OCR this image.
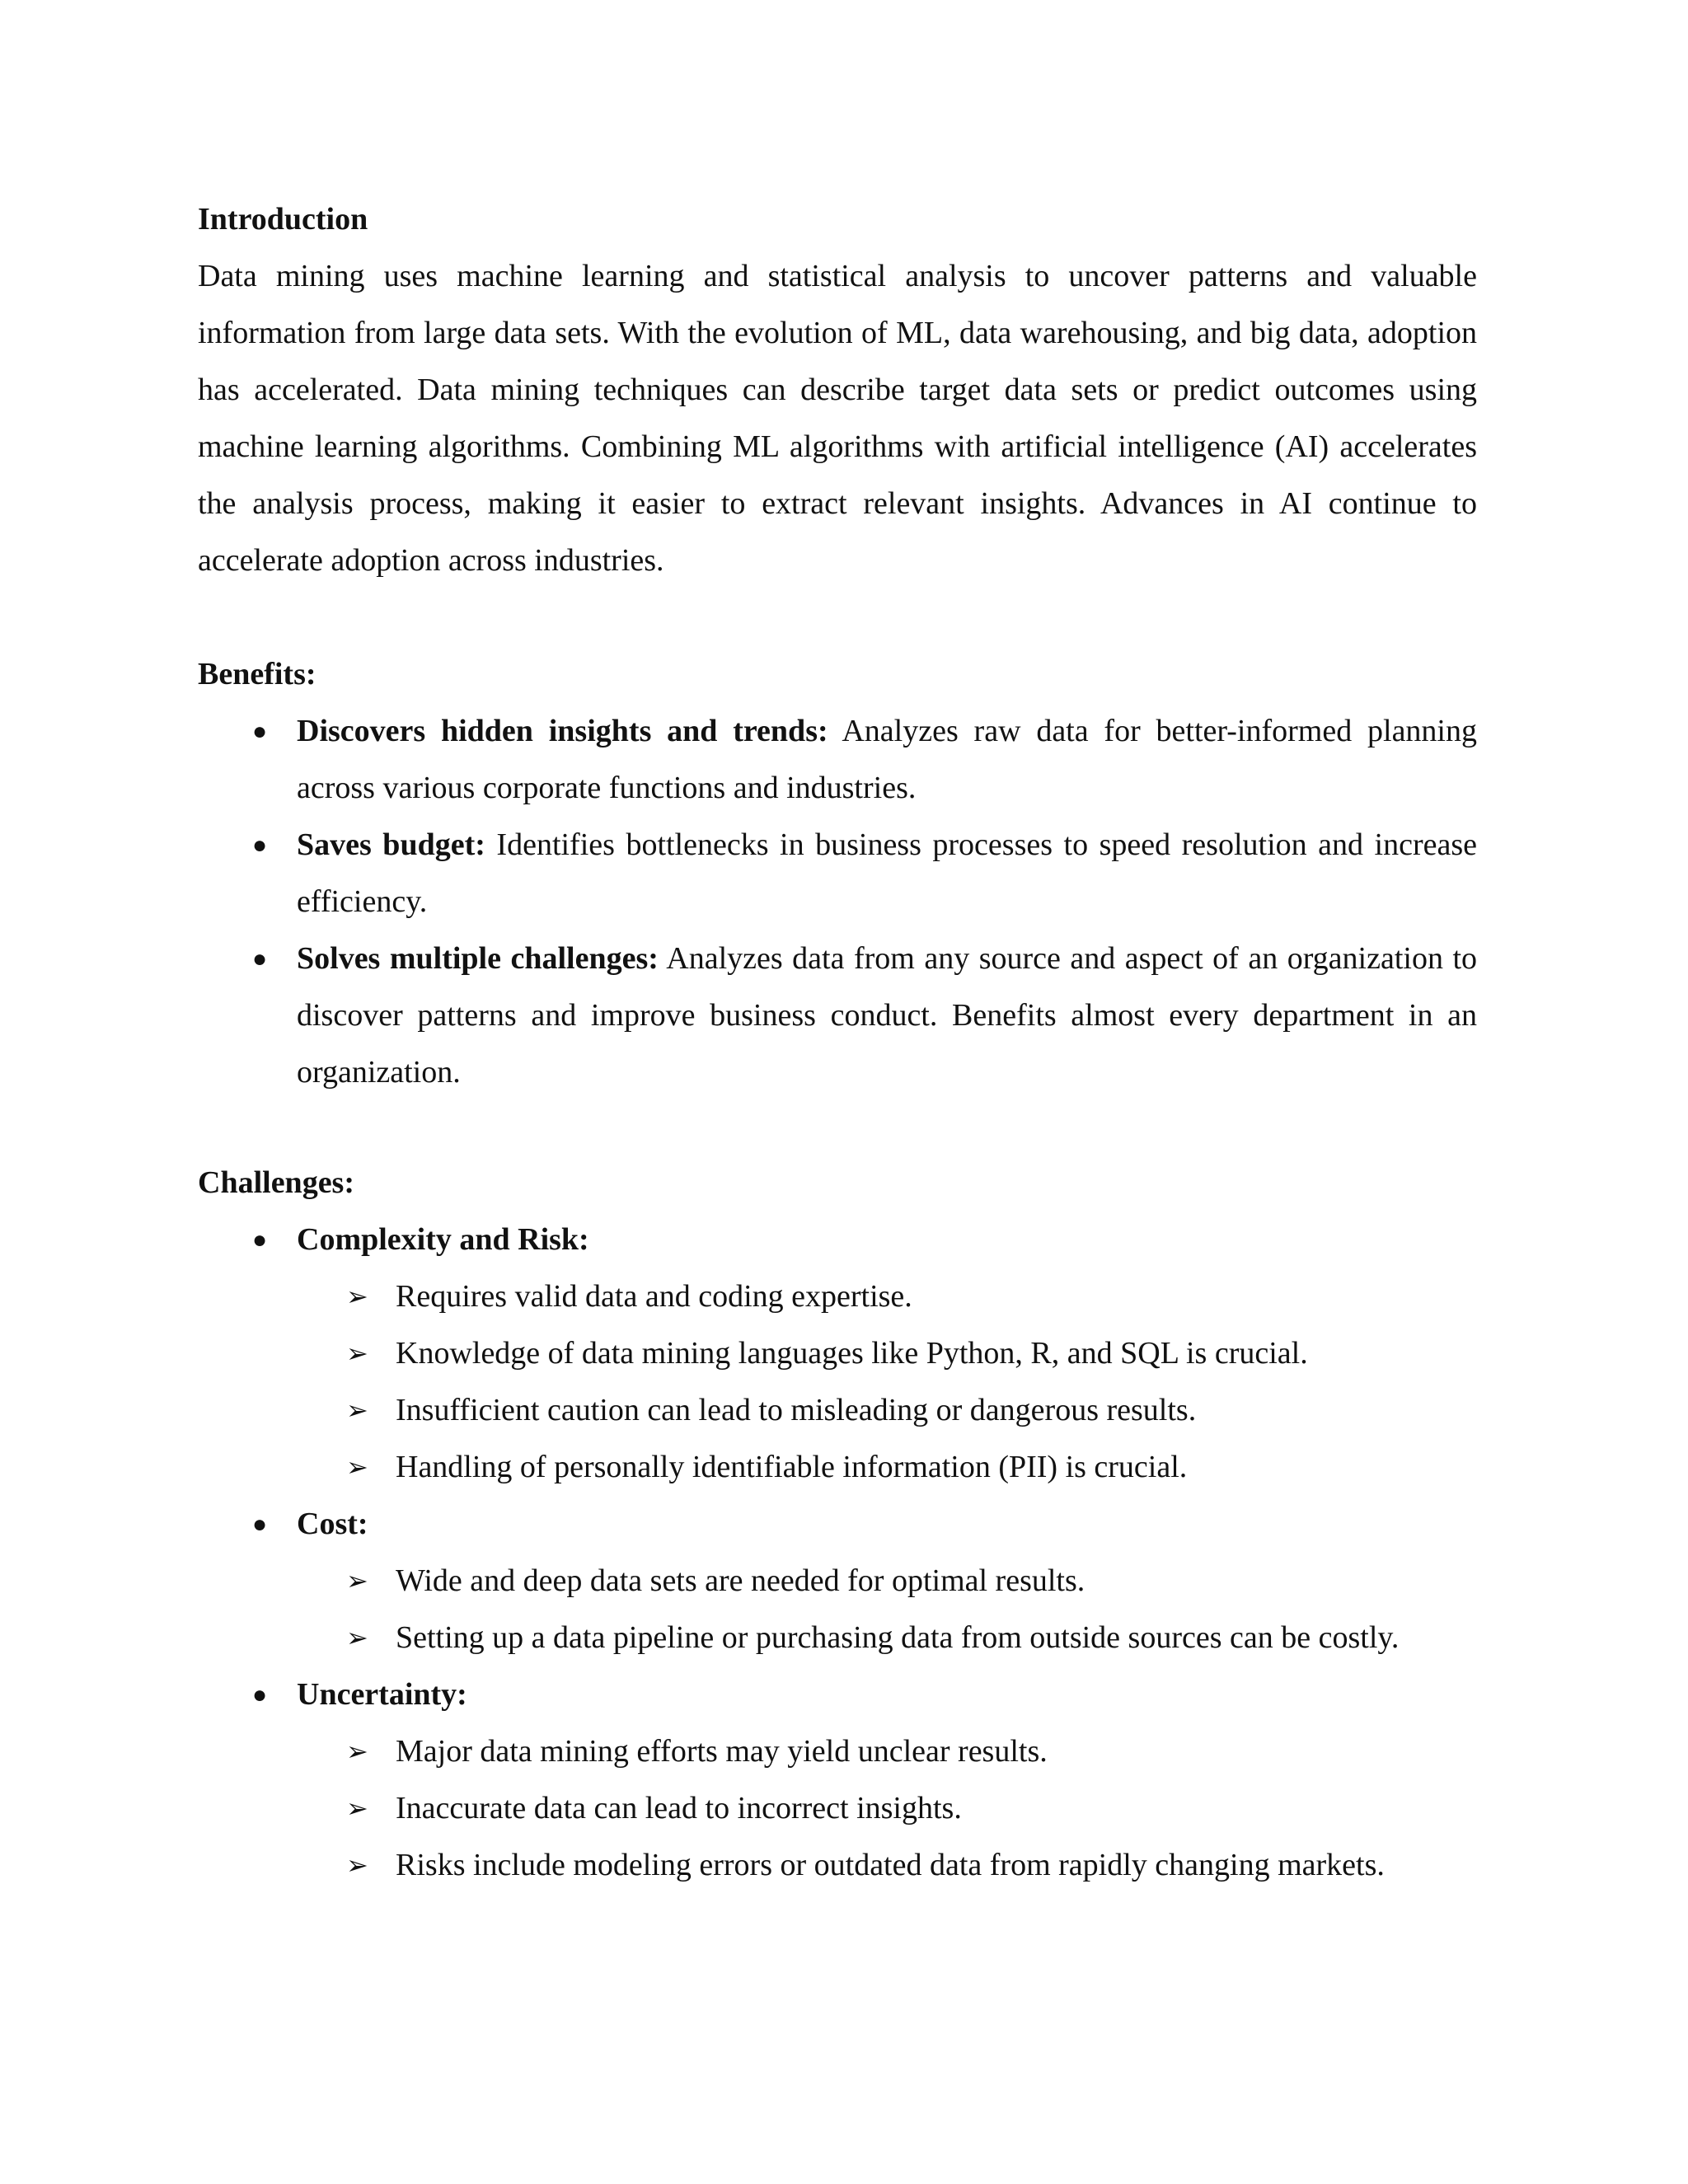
Introduction

Data mining uses machine learning and statistical analysis to uncover patterns and valuable information from large data sets. With the evolution of ML, data warehousing, and big data, adoption has accelerated. Data mining techniques can describe target data sets or predict outcomes using machine learning algorithms. Combining ML algorithms with artificial intelligence (AI) accelerates the analysis process, making it easier to extract relevant insights. Advances in AI continue to accelerate adoption across industries.

Benefits:

● Discovers hidden insights and trends: Analyzes raw data for better-informed planning across various corporate functions and industries.
● Saves budget: Identifies bottlenecks in business processes to speed resolution and increase efficiency.
● Solves multiple challenges: Analyzes data from any source and aspect of an organization to discover patterns and improve business conduct. Benefits almost every department in an organization.

Challenges:

● Complexity and Risk:
➢ Requires valid data and coding expertise.
➢ Knowledge of data mining languages like Python, R, and SQL is crucial.
➢ Insufficient caution can lead to misleading or dangerous results.
➢ Handling of personally identifiable information (PII) is crucial.
● Cost:
➢ Wide and deep data sets are needed for optimal results.
➢ Setting up a data pipeline or purchasing data from outside sources can be costly.
● Uncertainty:
➢ Major data mining efforts may yield unclear results.
➢ Inaccurate data can lead to incorrect insights.
➢ Risks include modeling errors or outdated data from rapidly changing markets.
